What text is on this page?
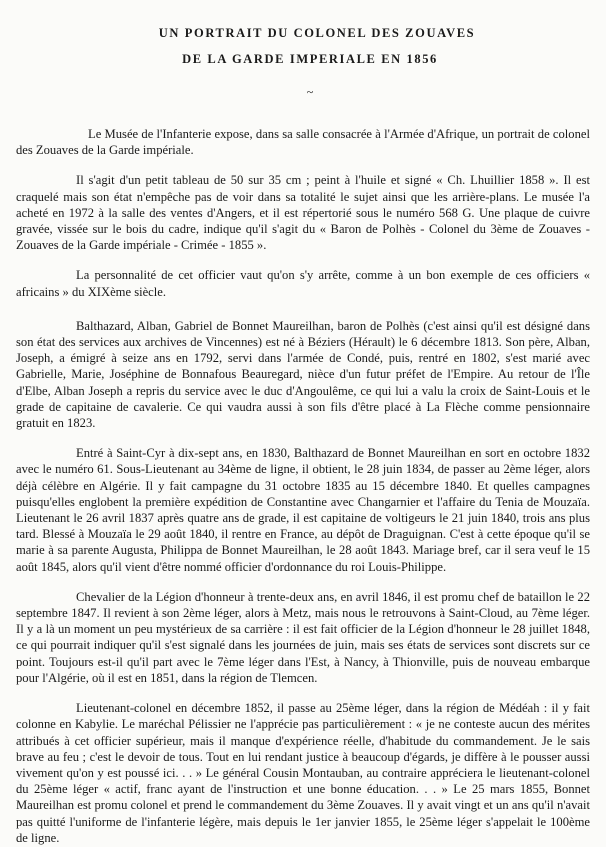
UN PORTRAIT DU COLONEL DES ZOUAVES
DE LA GARDE IMPERIALE EN 1856
~

Le Musée de l'Infanterie expose, dans sa salle consacrée à l'Armée d'Afrique, un portrait de colonel des Zouaves de la Garde impériale.

Il s'agit d'un petit tableau de 50 sur 35 cm ; peint à l'huile et signé « Ch. Lhuillier 1858 ». Il est craquelé mais son état n'empêche pas de voir dans sa totalité le sujet ainsi que les arrière-plans. Le musée l'a acheté en 1972 à la salle des ventes d'Angers, et il est répertorié sous le numéro 568 G. Une plaque de cuivre gravée, vissée sur le bois du cadre, indique qu'il s'agit du « Baron de Polhès - Colonel du 3ème de Zouaves - Zouaves de la Garde impériale - Crimée - 1855 ».

La personnalité de cet officier vaut qu'on s'y arrête, comme à un bon exemple de ces officiers « africains » du XIXème siècle.

Balthazard, Alban, Gabriel de Bonnet Maureilhan, baron de Polhès (c'est ainsi qu'il est désigné dans son état des services aux archives de Vincennes) est né à Béziers (Hérault) le 6 décembre 1813. Son père, Alban, Joseph, a émigré à seize ans en 1792, servi dans l'armée de Condé, puis, rentré en 1802, s'est marié avec Gabrielle, Marie, Joséphine de Bonnafous Beauregard, nièce d'un futur préfet de l'Empire. Au retour de l'Île d'Elbe, Alban Joseph a repris du service avec le duc d'Angoulême, ce qui lui a valu la croix de Saint-Louis et le grade de capitaine de cavalerie. Ce qui vaudra aussi à son fils d'être placé à La Flèche comme pensionnaire gratuit en 1823.

Entré à Saint-Cyr à dix-sept ans, en 1830, Balthazard de Bonnet Maureilhan en sort en octobre 1832 avec le numéro 61. Sous-Lieutenant au 34ème de ligne, il obtient, le 28 juin 1834, de passer au 2ème léger, alors déjà célèbre en Algérie. Il y fait campagne du 31 octobre 1835 au 15 décembre 1840. Et quelles campagnes puisqu'elles englobent la première expédition de Constantine avec Changarnier et l'affaire du Tenia de Mouzaïa. Lieutenant le 26 avril 1837 après quatre ans de grade, il est capitaine de voltigeurs le 21 juin 1840, trois ans plus tard. Blessé à Mouzaïa le 29 août 1840, il rentre en France, au dépôt de Draguignan. C'est à cette époque qu'il se marie à sa parente Augusta, Philippa de Bonnet Maureilhan, le 28 août 1843. Mariage bref, car il sera veuf le 15 août 1845, alors qu'il vient d'être nommé officier d'ordonnance du roi Louis-Philippe.

Chevalier de la Légion d'honneur à trente-deux ans, en avril 1846, il est promu chef de bataillon le 22 septembre 1847. Il revient à son 2ème léger, alors à Metz, mais nous le retrouvons à Saint-Cloud, au 7ème léger. Il y a là un moment un peu mystérieux de sa carrière : il est fait officier de la Légion d'honneur le 28 juillet 1848, ce qui pourrait indiquer qu'il s'est signalé dans les journées de juin, mais ses états de services sont discrets sur ce point. Toujours est-il qu'il part avec le 7ème léger dans l'Est, à Nancy, à Thionville, puis de nouveau embarque pour l'Algérie, où il est en 1851, dans la région de Tlemcen.

Lieutenant-colonel en décembre 1852, il passe au 25ème léger, dans la région de Médéah : il y fait colonne en Kabylie. Le maréchal Pélissier ne l'apprécie pas particulièrement : « je ne conteste aucun des mérites attribués à cet officier supérieur, mais il manque d'expérience réelle, d'habitude du commandement. Je le sais brave au feu ; c'est le devoir de tous. Tout en lui rendant justice à beaucoup d'égards, je diffère à le pousser aussi vivement qu'on y est poussé ici. . . » Le général Cousin Montauban, au contraire appréciera le lieutenant-colonel du 25ème léger « actif, franc ayant de l'instruction et une bonne éducation. . . » Le 25 mars 1855, Bonnet Maureilhan est promu colonel et prend le commandement du 3ème Zouaves. Il y avait vingt et un ans qu'il n'avait pas quitté l'uniforme de l'infanterie légère, mais depuis le 1er janvier 1855, le 25ème léger s'appelait le 100ème de ligne.
